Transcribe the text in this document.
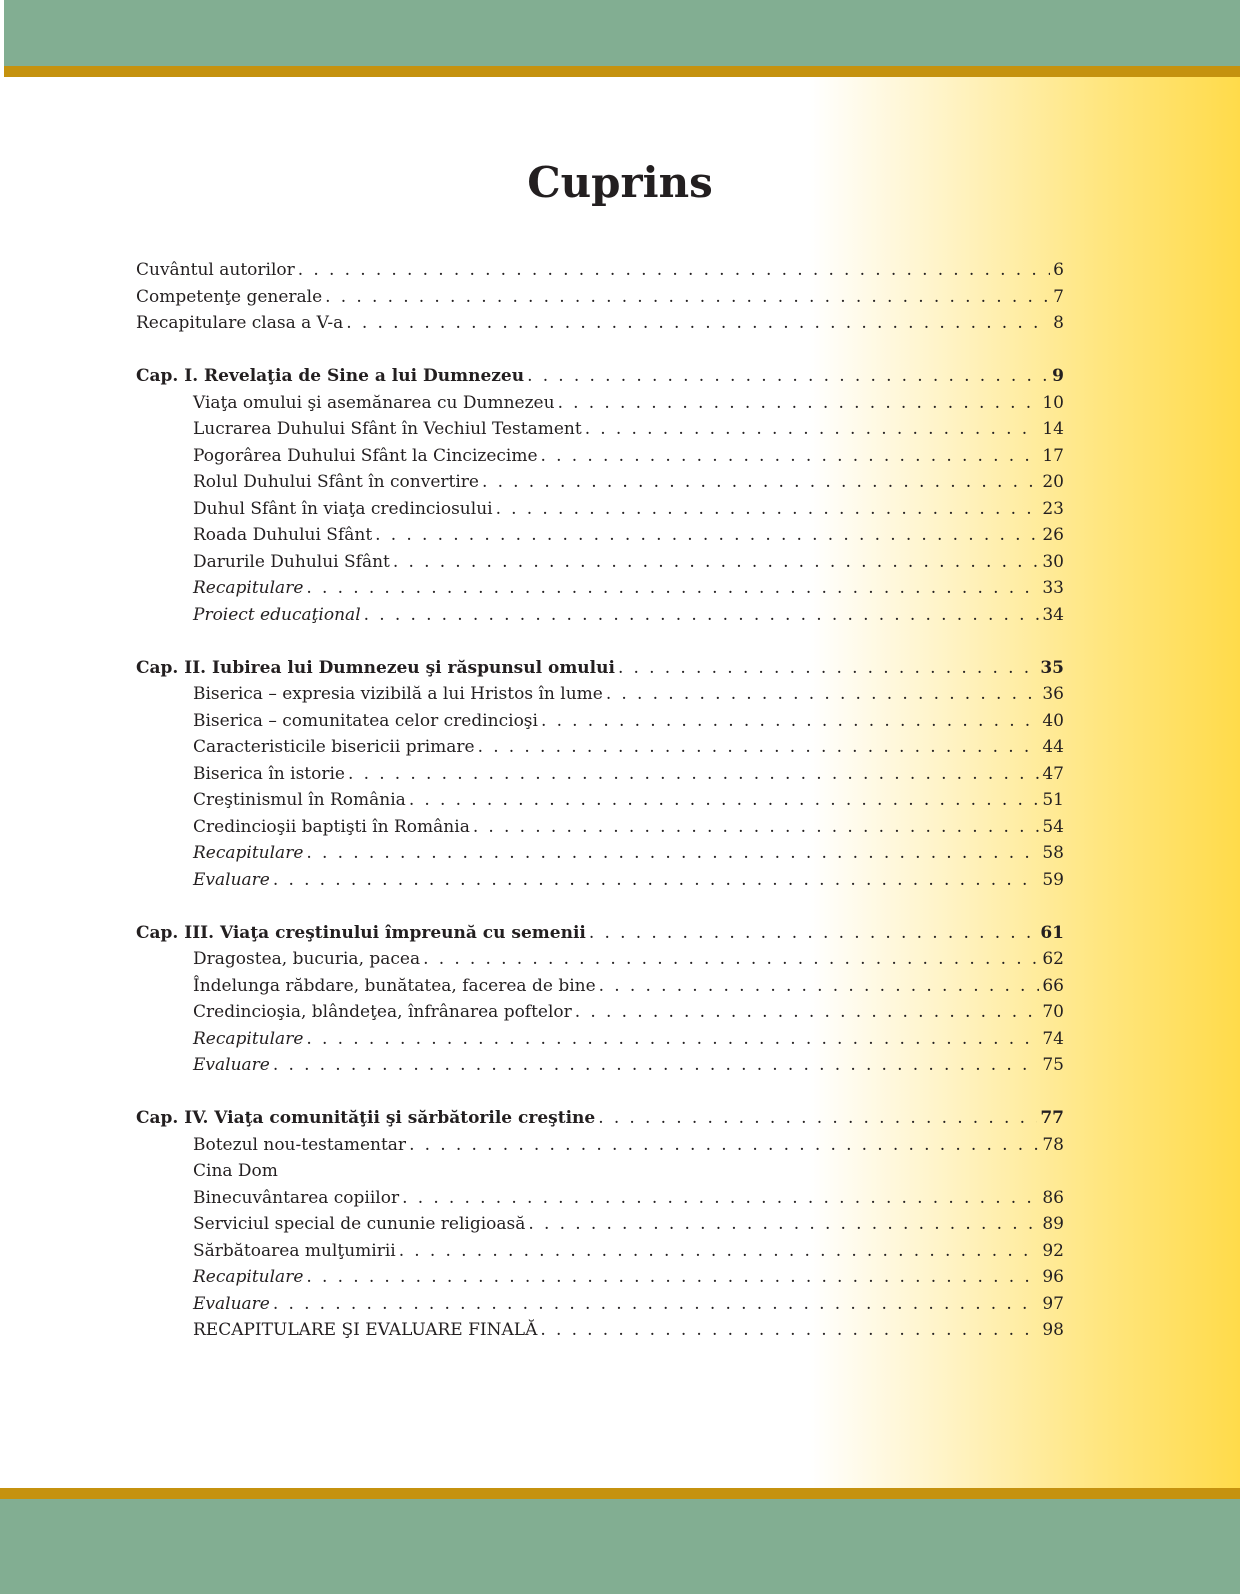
Cuprins
Cuvântul autorilor . . .	6
Competenţe generale . . .	7
Recapitulare clasa a V-a . . .	8
Cap. I. Revelaţia de Sine a lui Dumnezeu . . .	9
Viaţa omului şi asemănarea cu Dumnezeu . . .	10
Lucrarea Duhului Sfânt în Vechiul Testament . . .	14
Pogorârea Duhului Sfânt la Cincizecime . . .	17
Rolul Duhului Sfânt în convertire . . .	20
Duhul Sfânt în viaţa credinciosului . . .	23
Roada Duhului Sfânt . . .	26
Darurile Duhului Sfânt . . .	30
Recapitulare . . .	33
Proiect educaţional . . .	34
Cap. II. Iubirea lui Dumnezeu şi răspunsul omului . . .	35
Biserica – expresia vizibilă a lui Hristos în lume . . .	36
Biserica – comunitatea celor credincioşi . . .	40
Caracteristicile bisericii primare . . .	44
Biserica în istorie . . .	47
Creştinismul în România . . .	51
Credincioşii baptişti în România . . .	54
Recapitulare . . .	58
Evaluare . . .	59
Cap. III. Viaţa creştinului împreună cu semenii . . .	61
Dragostea, bucuria, pacea . . .	62
Îndelunga răbdare, bunătatea, facerea de bine . . .	66
Credincioşia, blândeţea, înfrânarea poftelor . . .	70
Recapitulare . . .	74
Evaluare . . .	75
Cap. IV. Viaţa comunităţii şi sărbătorile creştine . . .	77
Botezul nou-testamentar . . .	78
Cina Dom
Binecuvântarea copiilor . . .	86
Serviciul special de cununie religioasă . . .	89
Sărbătoarea mulţumirii . . .	92
Recapitulare . . .	96
Evaluare . . .	97
RECAPITULARE ŞI EVALUARE FINALĂ . . .	98
